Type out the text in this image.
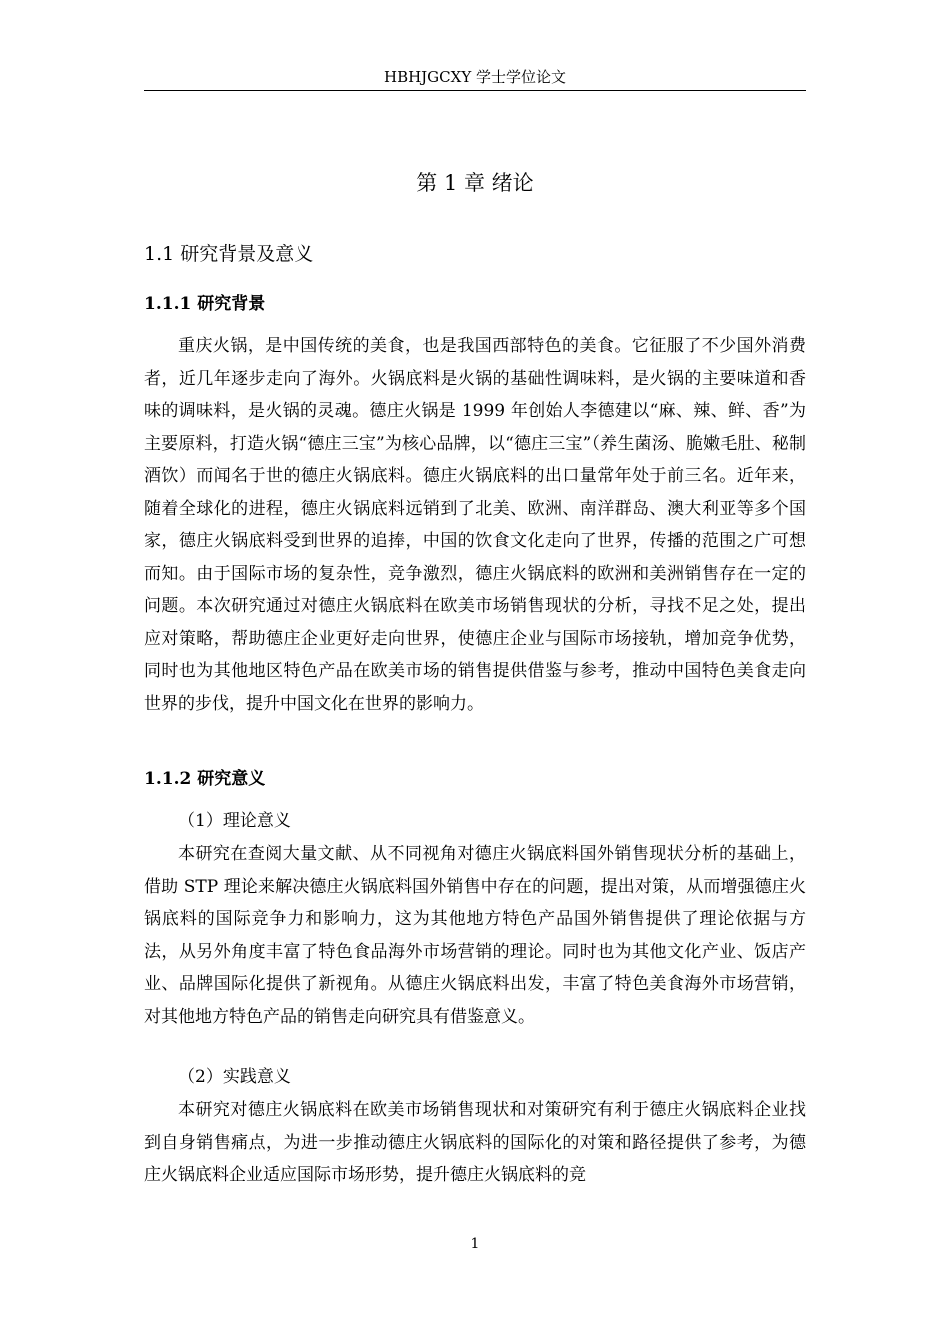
HBHJGCXY 学士学位论文
第 1 章 绪论
1.1 研究背景及意义
1.1.1 研究背景

重庆火锅，是中国传统的美食，也是我国西部特色的美食。它征服了不少国外消费者，近几年逐步走向了海外。火锅底料是火锅的基础性调味料，是火锅的主要味道和香味的调味料，是火锅的灵魂。德庄火锅是 1999 年创始人李德建以“麻、辣、鲜、香”为主要原料，打造火锅“德庄三宝”为核心品牌，以“德庄三宝”（养生菌汤、脆嫩毛肚、秘制酒饮）而闻名于世的德庄火锅底料。德庄火锅底料的出口量常年处于前三名。近年来，随着全球化的进程，德庄火锅底料远销到了北美、欧洲、南洋群岛、澳大利亚等多个国家，德庄火锅底料受到世界的追捧，中国的饮食文化走向了世界，传播的范围之广可想而知。由于国际市场的复杂性，竞争激烈，德庄火锅底料的欧洲和美洲销售存在一定的问题。本次研究通过对德庄火锅底料在欧美市场销售现状的分析，寻找不足之处，提出应对策略，帮助德庄企业更好走向世界，使德庄企业与国际市场接轨，增加竞争优势，同时也为其他地区特色产品在欧美市场的销售提供借鉴与参考，推动中国特色美食走向世界的步伐，提升中国文化在世界的影响力。

1.1.2 研究意义
（1）理论意义

本研究在查阅大量文献、从不同视角对德庄火锅底料国外销售现状分析的基础上，借助 STP 理论来解决德庄火锅底料国外销售中存在的问题，提出对策，从而增强德庄火锅底料的国际竞争力和影响力，这为其他地方特色产品国外销售提供了理论依据与方法，从另外角度丰富了特色食品海外市场营销的理论。同时也为其他文化产业、饭店产业、品牌国际化提供了新视角。从德庄火锅底料出发，丰富了特色美食海外市场营销，对其他地方特色产品的销售走向研究具有借鉴意义。

（2）实践意义

本研究对德庄火锅底料在欧美市场销售现状和对策研究有利于德庄火锅底料企业找到自身销售痛点，为进一步推动德庄火锅底料的国际化的对策和路径提供了参考，为德庄火锅底料企业适应国际市场形势，提升德庄火锅底料的竞

1
